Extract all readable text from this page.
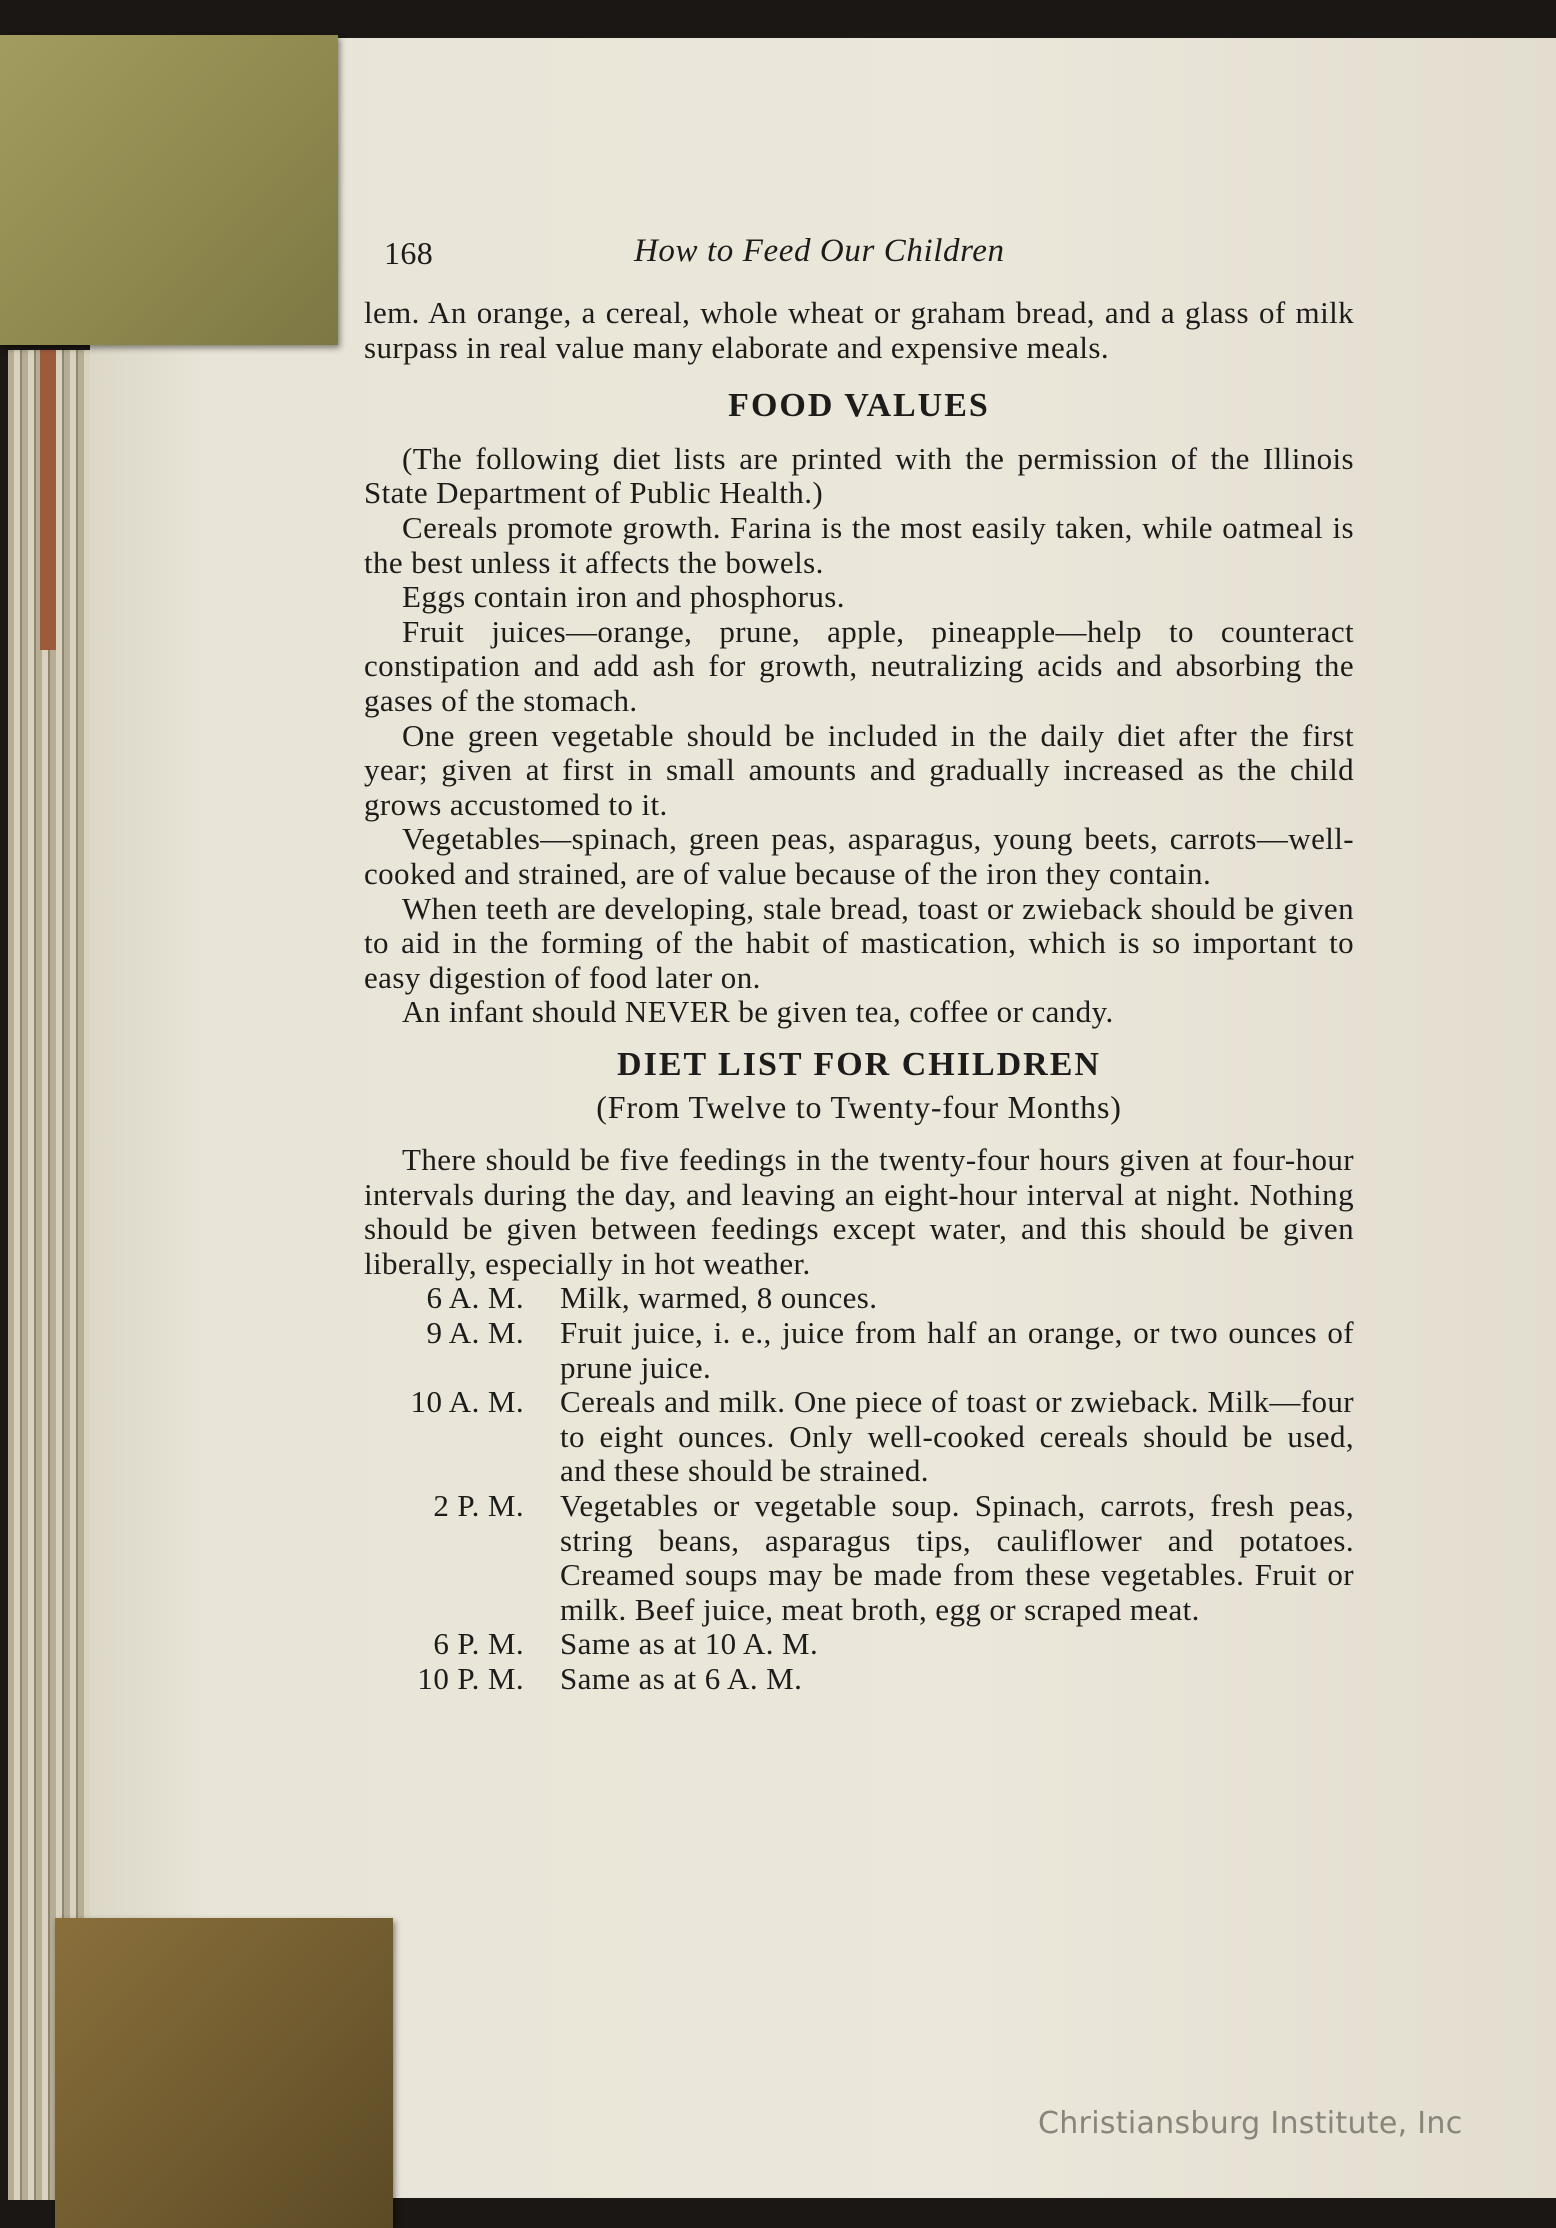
168	How to Feed Our Children

lem. An orange, a cereal, whole wheat or graham bread, and a glass of milk surpass in real value many elaborate and expensive meals.

FOOD VALUES

(The following diet lists are printed with the permission of the Illinois State Department of Public Health.)

Cereals promote growth. Farina is the most easily taken, while oatmeal is the best unless it affects the bowels.

Eggs contain iron and phosphorus.

Fruit juices—orange, prune, apple, pineapple—help to counteract constipation and add ash for growth, neutralizing acids and absorbing the gases of the stomach.

One green vegetable should be included in the daily diet after the first year; given at first in small amounts and gradually increased as the child grows accustomed to it.

Vegetables—spinach, green peas, asparagus, young beets, carrots—well-cooked and strained, are of value because of the iron they contain.

When teeth are developing, stale bread, toast or zwieback should be given to aid in the forming of the habit of mastication, which is so important to easy digestion of food later on.

An infant should NEVER be given tea, coffee or candy.

DIET LIST FOR CHILDREN
(From Twelve to Twenty-four Months)

There should be five feedings in the twenty-four hours given at four-hour intervals during the day, and leaving an eight-hour interval at night. Nothing should be given between feedings except water, and this should be given liberally, especially in hot weather.

6 A. M.	Milk, warmed, 8 ounces.
9 A. M.	Fruit juice, i. e., juice from half an orange, or two ounces of prune juice.
10 A. M.	Cereals and milk. One piece of toast or zwieback. Milk—four to eight ounces. Only well-cooked cereals should be used, and these should be strained.
2 P. M.	Vegetables or vegetable soup. Spinach, carrots, fresh peas, string beans, asparagus tips, cauliflower and potatoes. Creamed soups may be made from these vegetables. Fruit or milk. Beef juice, meat broth, egg or scraped meat.
6 P. M.	Same as at 10 A. M.
10 P. M.	Same as at 6 A. M.
Christiansburg Institute, Inc
